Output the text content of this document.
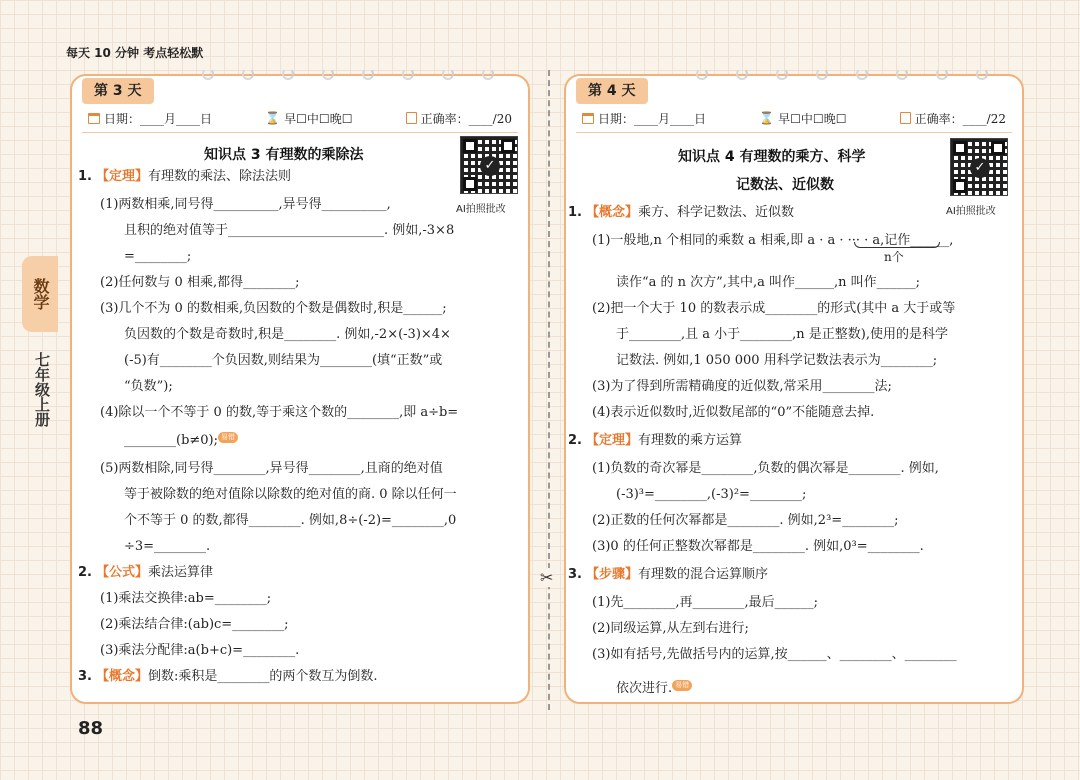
每天 10 分钟 考点轻松默
数学
七年级上册
✂
第 3 天
日期：____月____日	⌛ 早☐中☐晚☐	正确率：____/20
✓
AI拍照批改
知识点 3 有理数的乘除法
1. 【定理】有理数的乘法、除法法则
(1)两数相乘,同号得__________,异号得__________,
且积的绝对值等于________________________. 例如,-3×8
=________;
(2)任何数与 0 相乘,都得________;
(3)几个不为 0 的数相乘,负因数的个数是偶数时,积是______;
负因数的个数是奇数时,积是________. 例如,-2×(-3)×4×
(-5)有________个负因数,则结果为________(填“正数”或
“负数”);
(4)除以一个不等于 0 的数,等于乘这个数的________,即 a÷b=
________(b≠0); 易错
(5)两数相除,同号得________,异号得________,且商的绝对值
等于被除数的绝对值除以除数的绝对值的商. 0 除以任何一
个不等于 0 的数,都得________. 例如,8÷(-2)=________,0
÷3=________.
2. 【公式】乘法运算律
(1)乘法交换律:ab=________;
(2)乘法结合律:(ab)c=________;
(3)乘法分配律:a(b+c)=________.
3. 【概念】倒数:乘积是________的两个数互为倒数.
第 4 天
日期：____月____日	⌛ 早☐中☐晚☐	正确率：____/22
✓
AI拍照批改
知识点 4 有理数的乘方、科学
记数法、近似数
n个
1. 【概念】乘方、科学记数法、近似数
(1)一般地,n 个相同的乘数 a 相乘,即 a · a · ··· · a,记作______,
读作“a 的 n 次方”,其中,a 叫作______,n 叫作______;
(2)把一个大于 10 的数表示成________的形式(其中 a 大于或等
于________,且 a 小于________,n 是正整数),使用的是科学
记数法. 例如,1 050 000 用科学记数法表示为________;
(3)为了得到所需精确度的近似数,常采用________法;
(4)表示近似数时,近似数尾部的“0”不能随意去掉.
2. 【定理】有理数的乘方运算
(1)负数的奇次幂是________,负数的偶次幂是________. 例如,
(-3)³=________,(-3)²=________;
(2)正数的任何次幂都是________. 例如,2³=________;
(3)0 的任何正整数次幂都是________. 例如,0³=________.
3. 【步骤】有理数的混合运算顺序
(1)先________,再________,最后______;
(2)同级运算,从左到右进行;
(3)如有括号,先做括号内的运算,按______、________、________
依次进行. 易错
88
